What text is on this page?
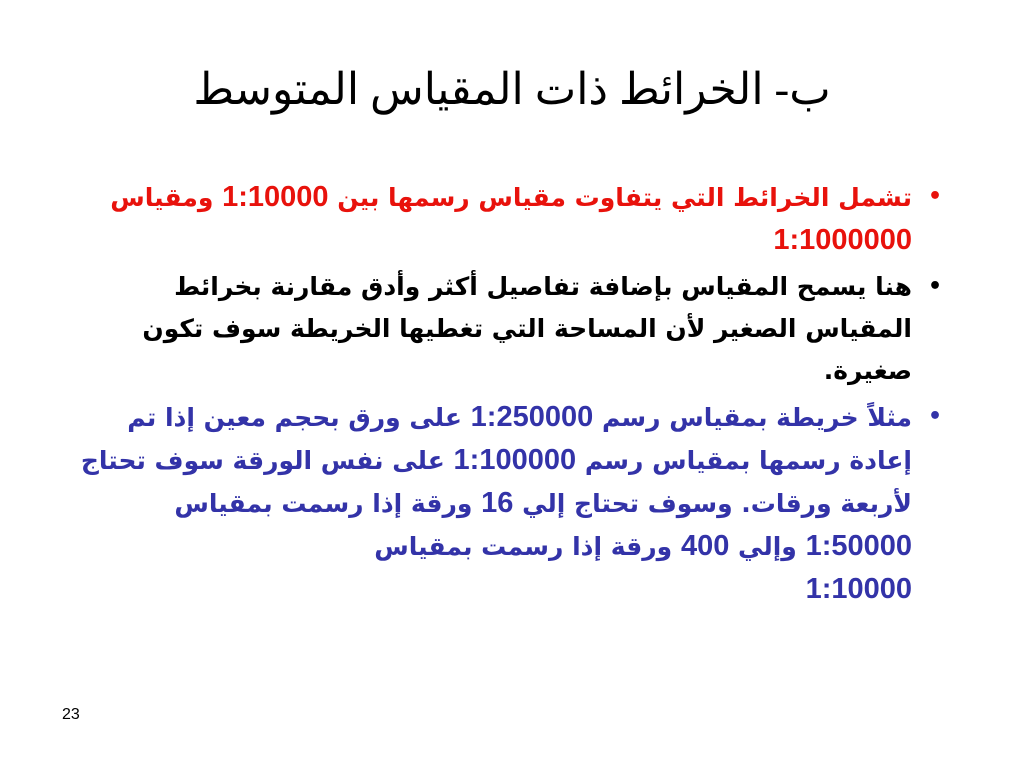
ب- الخرائط ذات المقياس المتوسط
•
تشمل الخرائط التي يتفاوت مقياس رسمها بين 1:10000 ومقياس
1:1000000
•
هنا يسمح المقياس بإضافة تفاصيل أكثر وأدق مقارنة بخرائط المقياس الصغير لأن المساحة التي تغطيها الخريطة سوف تكون صغيرة.
•
مثلاً خريطة بمقياس رسم 1:250000 على ورق بحجم معين إذا تم إعادة رسمها بمقياس رسم 1:100000 على نفس الورقة سوف تحتاج لأربعة ورقات. وسوف تحتاج إلي 16 ورقة إذا رسمت بمقياس 1:50000 وإلي 400 ورقة إذا رسمت بمقياس
1:10000
23
